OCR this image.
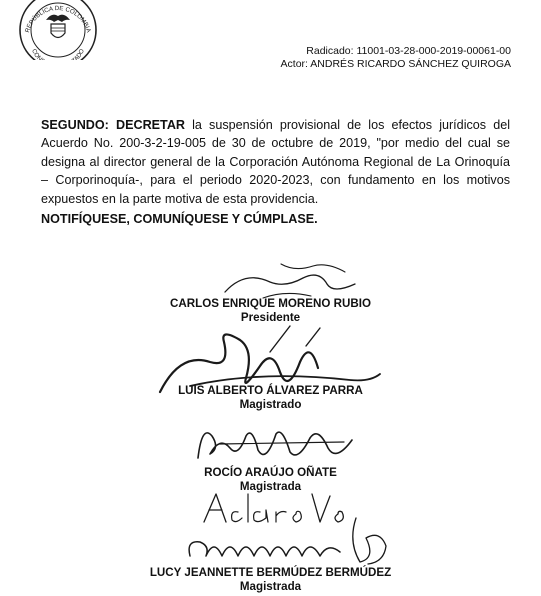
REPÚBLICA DE COLOMBIA
CON ADO	Radicado: 11001-03-28-000-2019-00061-00
Actor: ANDRÉS RICARDO SÁNCHEZ QUIROGA

SEGUNDO: DECRETAR la suspensión provisional de los efectos jurídicos del Acuerdo No. 200-3-2-19-005 de 30 de octubre de 2019, "por medio del cual se designa al director general de la Corporación Autónoma Regional de La Orinoquía – Corporinoquía-, para el periodo 2020-2023, con fundamento en los motivos expuestos en la parte motiva de esta providencia.

NOTIFÍQUESE, COMUNÍQUESE Y CÚMPLASE.

CARLOS ENRIQUE MORENO RUBIO
Presidente
LUIS ALBERTO ÁLVAREZ PARRA
Magistrado
ROCÍO ARAÚJO OÑATE
Magistrada
LUCY JEANNETTE BERMÚDEZ BERMÚDEZ
Magistrada
